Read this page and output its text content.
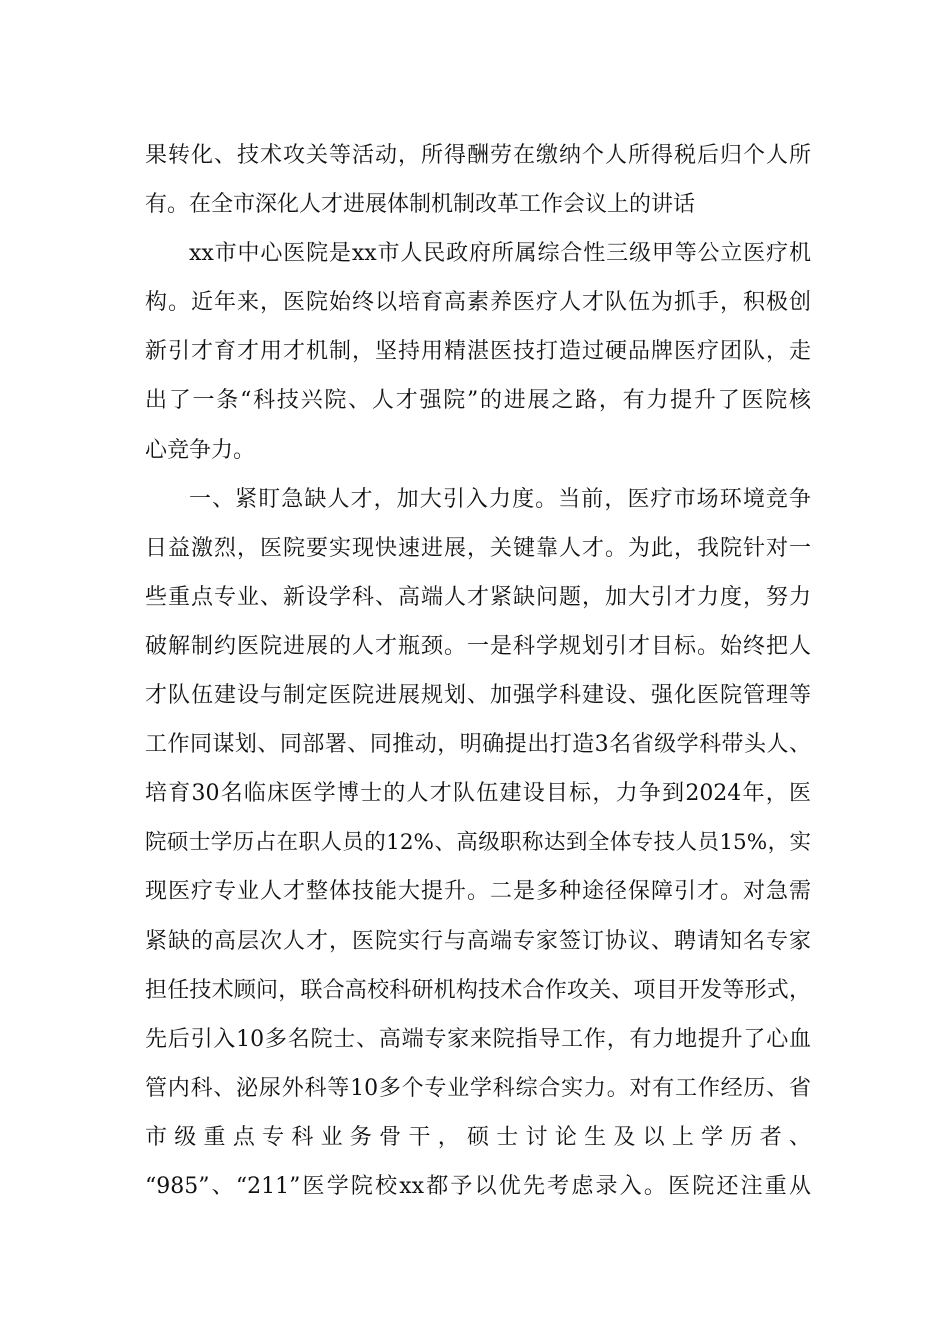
果转化、技术攻关等活动，所得酬劳在缴纳个人所得税后归个人所
有。在全市深化人才进展体制机制改革工作会议上的讲话
xx市中心医院是xx市人民政府所属综合性三级甲等公立医疗机
构。近年来，医院始终以培育高素养医疗人才队伍为抓手，积极创
新引才育才用才机制，坚持用精湛医技打造过硬品牌医疗团队，走
出了一条“科技兴院、人才强院”的进展之路，有力提升了医院核
心竞争力。
一、紧盯急缺人才，加大引入力度。当前，医疗市场环境竞争
日益激烈，医院要实现快速进展，关键靠人才。为此，我院针对一
些重点专业、新设学科、高端人才紧缺问题，加大引才力度，努力
破解制约医院进展的人才瓶颈。一是科学规划引才目标。始终把人
才队伍建设与制定医院进展规划、加强学科建设、强化医院管理等
工作同谋划、同部署、同推动，明确提出打造3名省级学科带头人、
培育30名临床医学博士的人才队伍建设目标，力争到2024年，医
院硕士学历占在职人员的12%、高级职称达到全体专技人员15%，实
现医疗专业人才整体技能大提升。二是多种途径保障引才。对急需
紧缺的高层次人才，医院实行与高端专家签订协议、聘请知名专家
担任技术顾问，联合高校科研机构技术合作攻关、项目开发等形式，
先后引入10多名院士、高端专家来院指导工作，有力地提升了心血
管内科、泌尿外科等10多个专业学科综合实力。对有工作经历、省
市 级 重 点 专 科 业 务 骨 干 ， 硕 士 讨 论 生 及 以 上 学 历 者 、
“985”、“211”医学院校xx都予以优先考虑录入。医院还注重从
